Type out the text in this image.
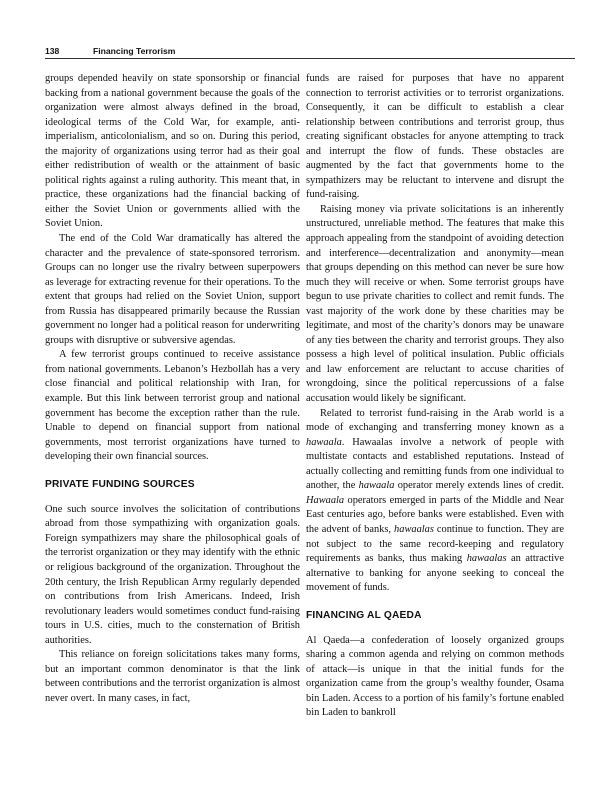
138	Financing Terrorism

groups depended heavily on state sponsorship or financial backing from a national government because the goals of the organization were almost always defined in the broad, ideological terms of the Cold War, for example, anti-imperialism, anticolonialism, and so on. During this period, the majority of organizations using terror had as their goal either redistribution of wealth or the attainment of basic political rights against a ruling authority. This meant that, in practice, these organizations had the financial backing of either the Soviet Union or governments allied with the Soviet Union.

The end of the Cold War dramatically has altered the character and the prevalence of state-sponsored terrorism. Groups can no longer use the rivalry between superpowers as leverage for extracting revenue for their operations. To the extent that groups had relied on the Soviet Union, support from Russia has disappeared primarily because the Russian government no longer had a political reason for underwriting groups with disruptive or subversive agendas.

A few terrorist groups continued to receive assistance from national governments. Lebanon’s Hezbollah has a very close financial and political relationship with Iran, for example. But this link between terrorist group and national government has become the exception rather than the rule. Unable to depend on financial support from national governments, most terrorist organizations have turned to developing their own financial sources.

PRIVATE FUNDING SOURCES

One such source involves the solicitation of contributions abroad from those sympathizing with organization goals. Foreign sympathizers may share the philosophical goals of the terrorist organization or they may identify with the ethnic or religious background of the organization. Throughout the 20th century, the Irish Republican Army regularly depended on contributions from Irish Americans. Indeed, Irish revolutionary leaders would sometimes conduct fund-raising tours in U.S. cities, much to the consternation of British authorities.

This reliance on foreign solicitations takes many forms, but an important common denominator is that the link between contributions and the terrorist organization is almost never overt. In many cases, in fact,

funds are raised for purposes that have no apparent connection to terrorist activities or to terrorist organizations. Consequently, it can be difficult to establish a clear relationship between contributions and terrorist group, thus creating significant obstacles for anyone attempting to track and interrupt the flow of funds. These obstacles are augmented by the fact that governments home to the sympathizers may be reluctant to intervene and disrupt the fund-raising.

Raising money via private solicitations is an inherently unstructured, unreliable method. The features that make this approach appealing from the standpoint of avoiding detection and interference—decentralization and anonymity—mean that groups depending on this method can never be sure how much they will receive or when. Some terrorist groups have begun to use private charities to collect and remit funds. The vast majority of the work done by these charities may be legitimate, and most of the charity’s donors may be unaware of any ties between the charity and terrorist groups. They also possess a high level of political insulation. Public officials and law enforcement are reluctant to accuse charities of wrongdoing, since the political repercussions of a false accusation would likely be significant.

Related to terrorist fund-raising in the Arab world is a mode of exchanging and transferring money known as a hawaala. Hawaalas involve a network of people with multistate contacts and established reputations. Instead of actually collecting and remitting funds from one individual to another, the hawaala operator merely extends lines of credit. Hawaala operators emerged in parts of the Middle and Near East centuries ago, before banks were established. Even with the advent of banks, hawaalas continue to function. They are not subject to the same record-keeping and regulatory requirements as banks, thus making hawaalas an attractive alternative to banking for anyone seeking to conceal the movement of funds.

FINANCING AL QAEDA

Al Qaeda—a confederation of loosely organized groups sharing a common agenda and relying on common methods of attack—is unique in that the initial funds for the organization came from the group’s wealthy founder, Osama bin Laden. Access to a portion of his family’s fortune enabled bin Laden to bankroll
